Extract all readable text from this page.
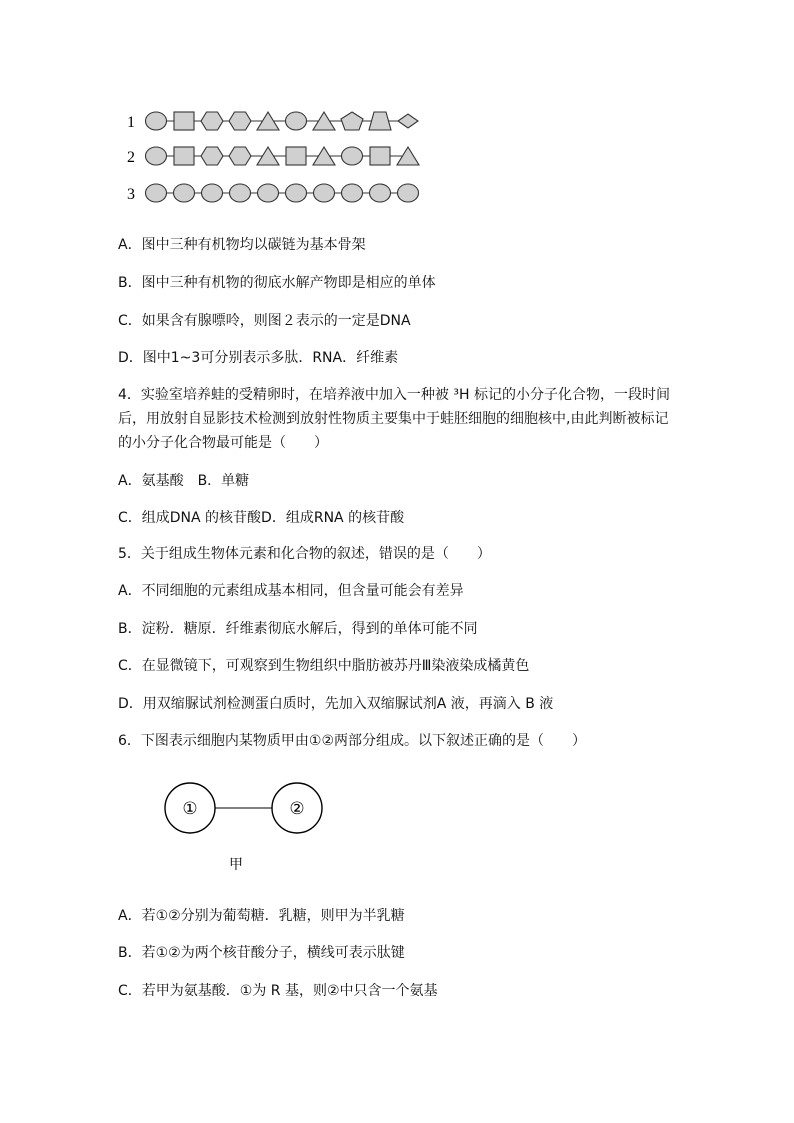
1
2
3
A．图中三种有机物均以碳链为基本骨架
B．图中三种有机物的彻底水解产物即是相应的单体
C．如果含有腺嘌呤，则图２表示的一定是DNA
D．图中1~3可分别表示多肽．RNA．纤维素
4．实验室培养蛙的受精卵时，在培养液中加入一种被 ³H 标记的小分子化合物，一段时间后，用放射自显影技术检测到放射性物质主要集中于蛙胚细胞的细胞核中,由此判断被标记的小分子化合物最可能是（　　）
A．氨基酸　B．单糖
C．组成DNA 的核苷酸D．组成RNA 的核苷酸
5．关于组成生物体元素和化合物的叙述，错误的是（　　）
A．不同细胞的元素组成基本相同，但含量可能会有差异
B．淀粉．糖原．纤维素彻底水解后，得到的单体可能不同
C．在显微镜下，可观察到生物组织中脂肪被苏丹Ⅲ染液染成橘黄色
D．用双缩脲试剂检测蛋白质时，先加入双缩脲试剂A 液，再滴入 B 液
6．下图表示细胞内某物质甲由①②两部分组成。以下叙述正确的是（　　）
①	②
甲
A．若①②分别为葡萄糖．乳糖，则甲为半乳糖
B．若①②为两个核苷酸分子，横线可表示肽键
C．若甲为氨基酸．①为 R 基，则②中只含一个氨基
